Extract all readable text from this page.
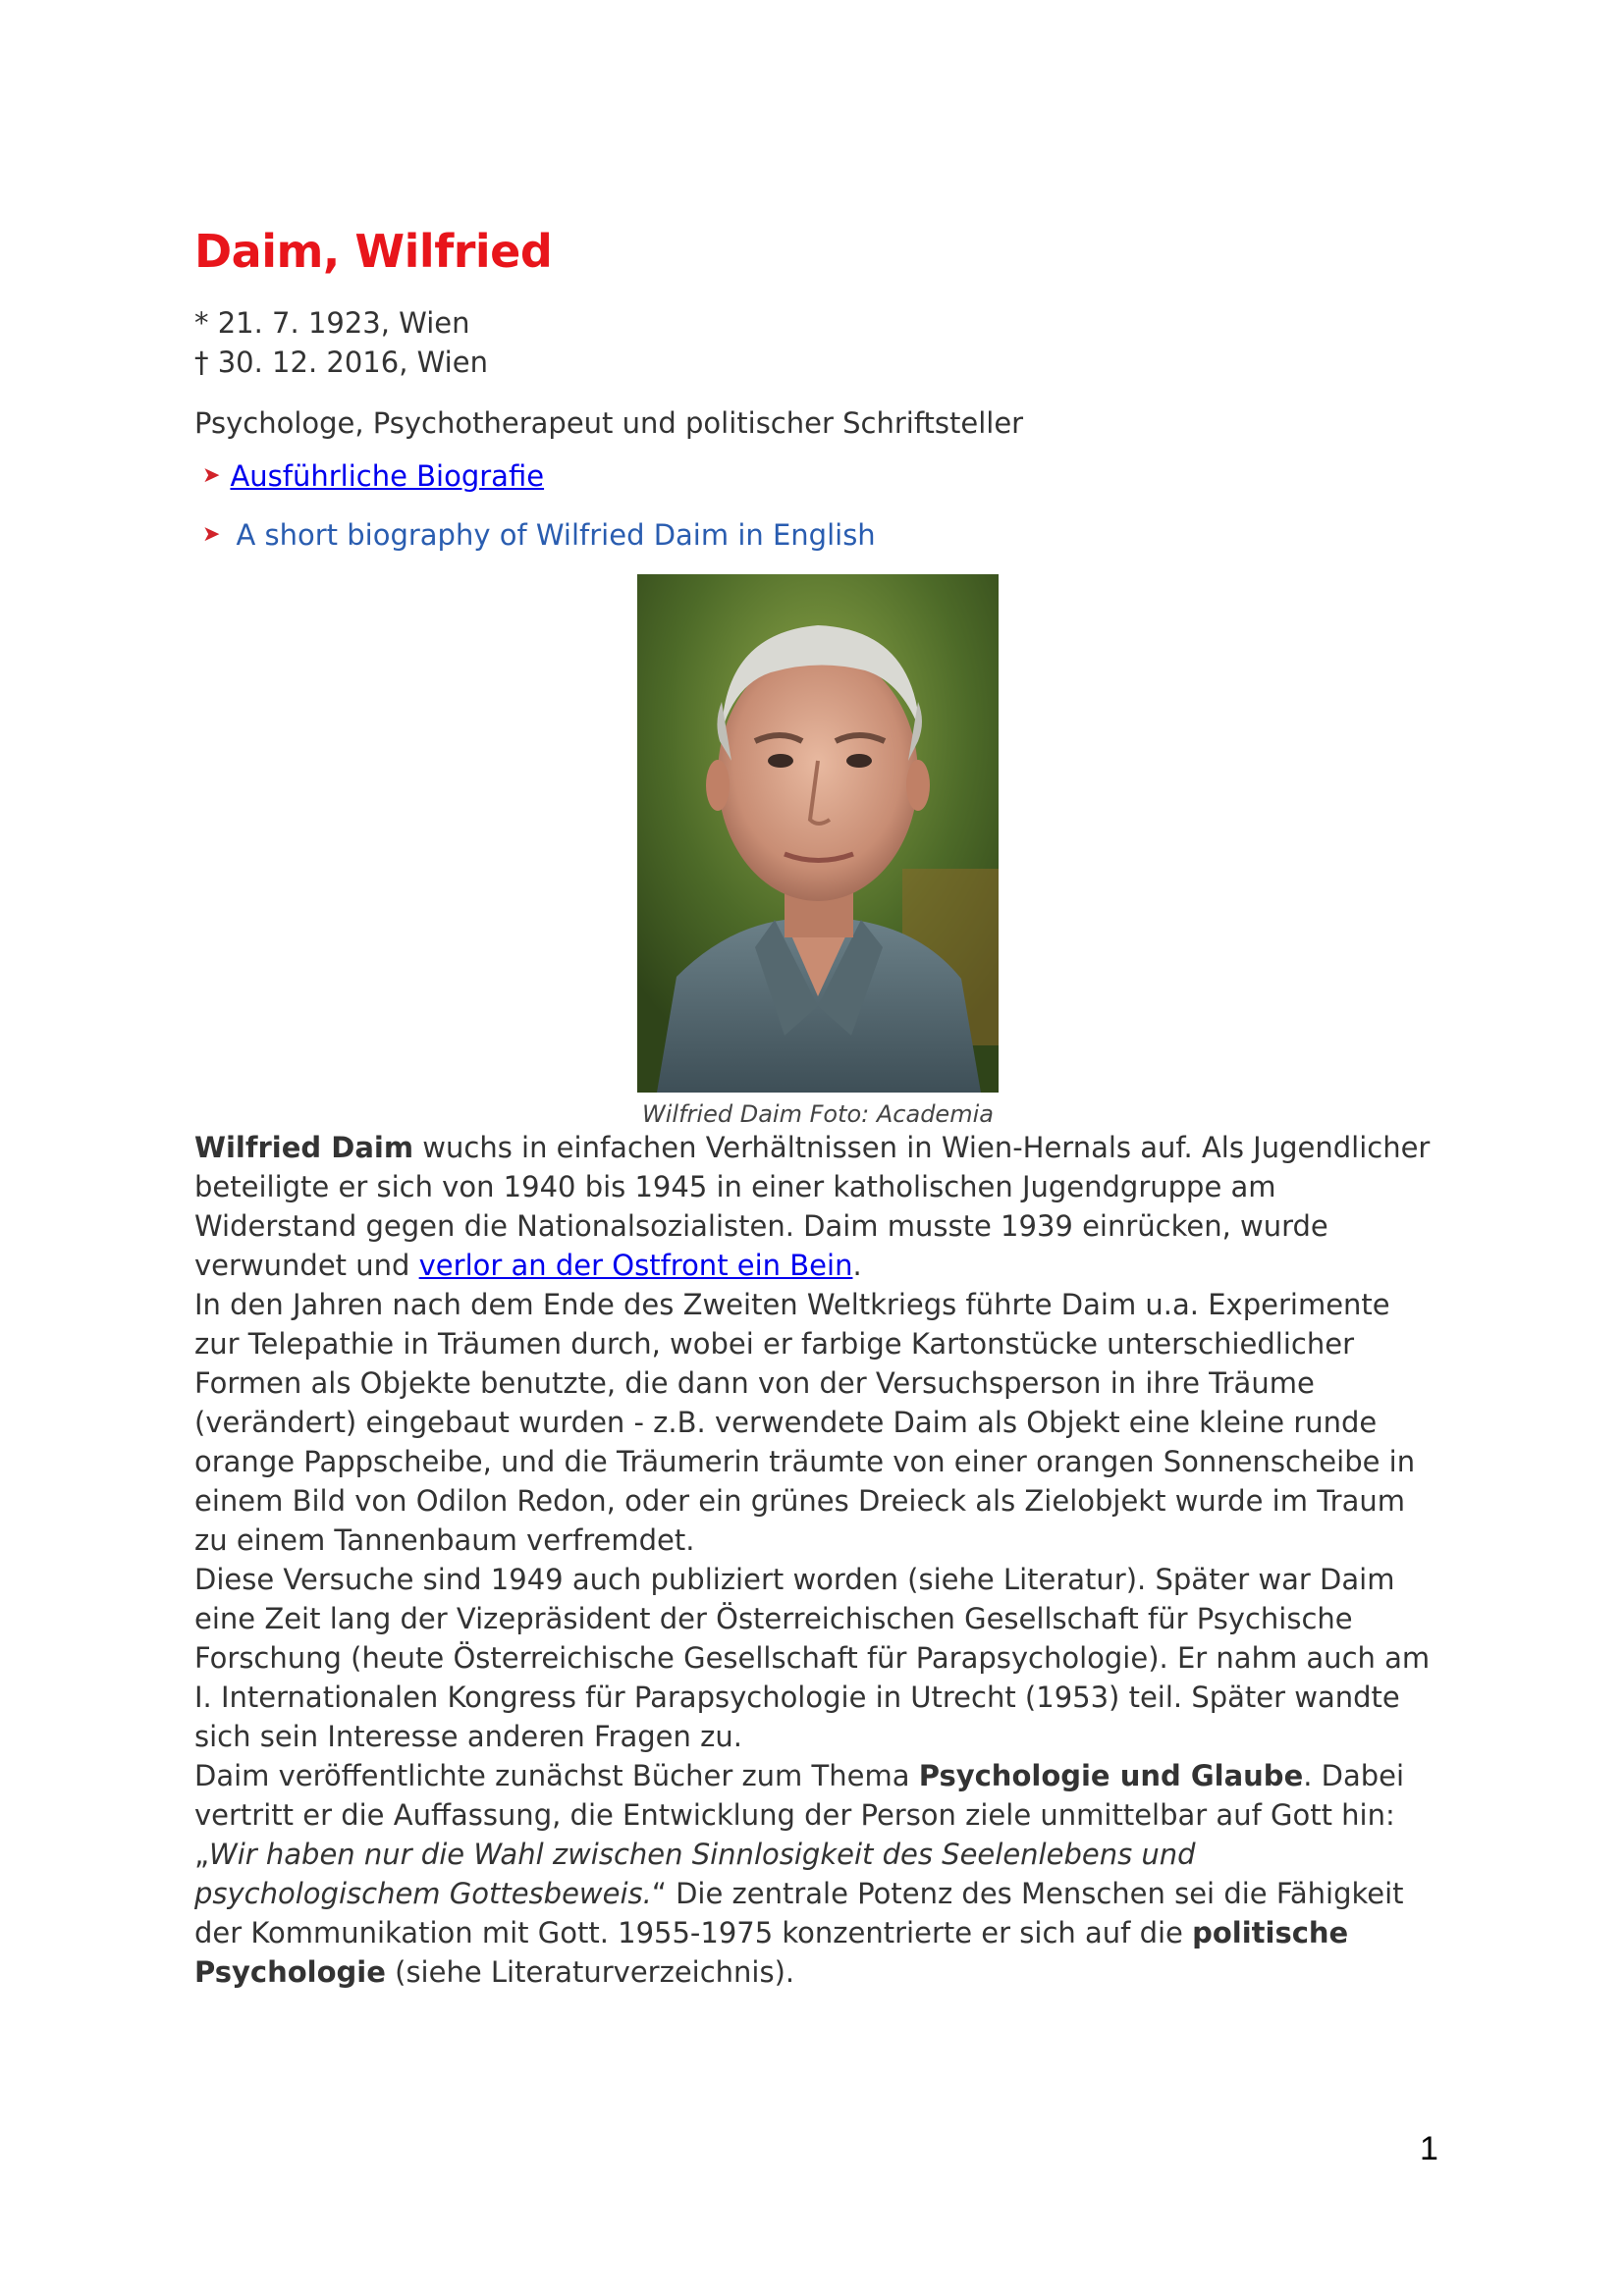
Daim, Wilfried
* 21. 7. 1923, Wien
† 30. 12. 2016, Wien
Psychologe, Psychotherapeut und politischer Schriftsteller
➤ Ausführliche Biografie
➤ A short biography of Wilfried Daim in English
Wilfried Daim Foto: Academia

Wilfried Daim wuchs in einfachen Verhältnissen in Wien-Hernals auf. Als Jugendlicher beteiligte er sich von 1940 bis 1945 in einer katholischen Jugendgruppe am Widerstand gegen die Nationalsozialisten. Daim musste 1939 einrücken, wurde verwundet und verlor an der Ostfront ein Bein.

In den Jahren nach dem Ende des Zweiten Weltkriegs führte Daim u.a. Experimente zur Telepathie in Träumen durch, wobei er farbige Kartonstücke unterschiedlicher Formen als Objekte benutzte, die dann von der Versuchsperson in ihre Träume (verändert) eingebaut wurden - z.B. verwendete Daim als Objekt eine kleine runde orange Pappscheibe, und die Träumerin träumte von einer orangen Sonnenscheibe in einem Bild von Odilon Redon, oder ein grünes Dreieck als Zielobjekt wurde im Traum zu einem Tannenbaum verfremdet.

Diese Versuche sind 1949 auch publiziert worden (siehe Literatur). Später war Daim eine Zeit lang der Vizepräsident der Österreichischen Gesellschaft für Psychische Forschung (heute Österreichische Gesellschaft für Parapsychologie). Er nahm auch am I. Internationalen Kongress für Parapsychologie in Utrecht (1953) teil. Später wandte sich sein Interesse anderen Fragen zu.

Daim veröffentlichte zunächst Bücher zum Thema Psychologie und Glaube. Dabei vertritt er die Auffassung, die Entwicklung der Person ziele unmittelbar auf Gott hin: „Wir haben nur die Wahl zwischen Sinnlosigkeit des Seelenlebens und psychologischem Gottesbeweis.“ Die zentrale Potenz des Menschen sei die Fähigkeit der Kommunikation mit Gott. 1955-1975 konzentrierte er sich auf die politische Psychologie (siehe Literaturverzeichnis).

1
